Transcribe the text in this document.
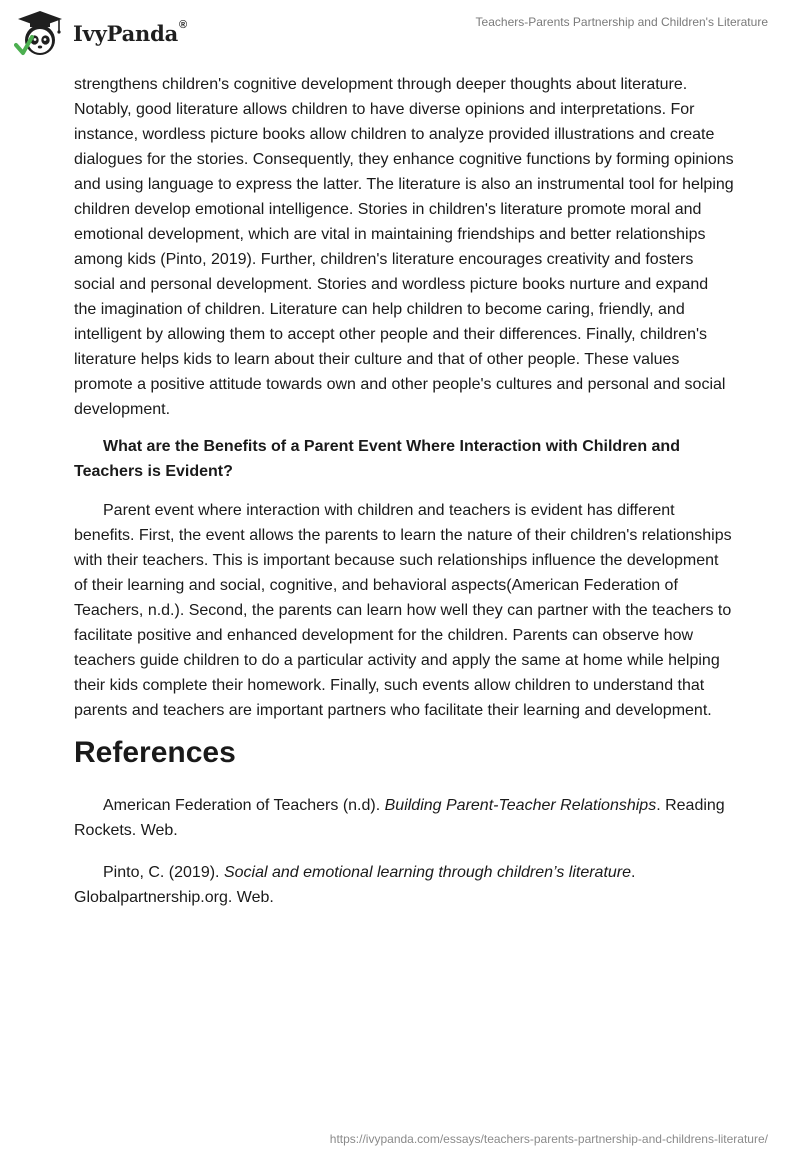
IvyPanda®	Teachers-Parents Partnership and Children's Literature

strengthens children's cognitive development through deeper thoughts about literature. Notably, good literature allows children to have diverse opinions and interpretations. For instance, wordless picture books allow children to analyze provided illustrations and create dialogues for the stories. Consequently, they enhance cognitive functions by forming opinions and using language to express the latter. The literature is also an instrumental tool for helping children develop emotional intelligence. Stories in children's literature promote moral and emotional development, which are vital in maintaining friendships and better relationships among kids (Pinto, 2019). Further, children's literature encourages creativity and fosters social and personal development. Stories and wordless picture books nurture and expand the imagination of children. Literature can help children to become caring, friendly, and intelligent by allowing them to accept other people and their differences. Finally, children's literature helps kids to learn about their culture and that of other people. These values promote a positive attitude towards own and other people's cultures and personal and social development.

What are the Benefits of a Parent Event Where Interaction with Children and Teachers is Evident?

Parent event where interaction with children and teachers is evident has different benefits. First, the event allows the parents to learn the nature of their children's relationships with their teachers. This is important because such relationships influence the development of their learning and social, cognitive, and behavioral aspects(American Federation of Teachers, n.d.). Second, the parents can learn how well they can partner with the teachers to facilitate positive and enhanced development for the children. Parents can observe how teachers guide children to do a particular activity and apply the same at home while helping their kids complete their homework. Finally, such events allow children to understand that parents and teachers are important partners who facilitate their learning and development.

References

American Federation of Teachers (n.d). Building Parent-Teacher Relationships. Reading Rockets. Web.

Pinto, C. (2019). Social and emotional learning through children’s literature. Globalpartnership.org. Web.

https://ivypanda.com/essays/teachers-parents-partnership-and-childrens-literature/
